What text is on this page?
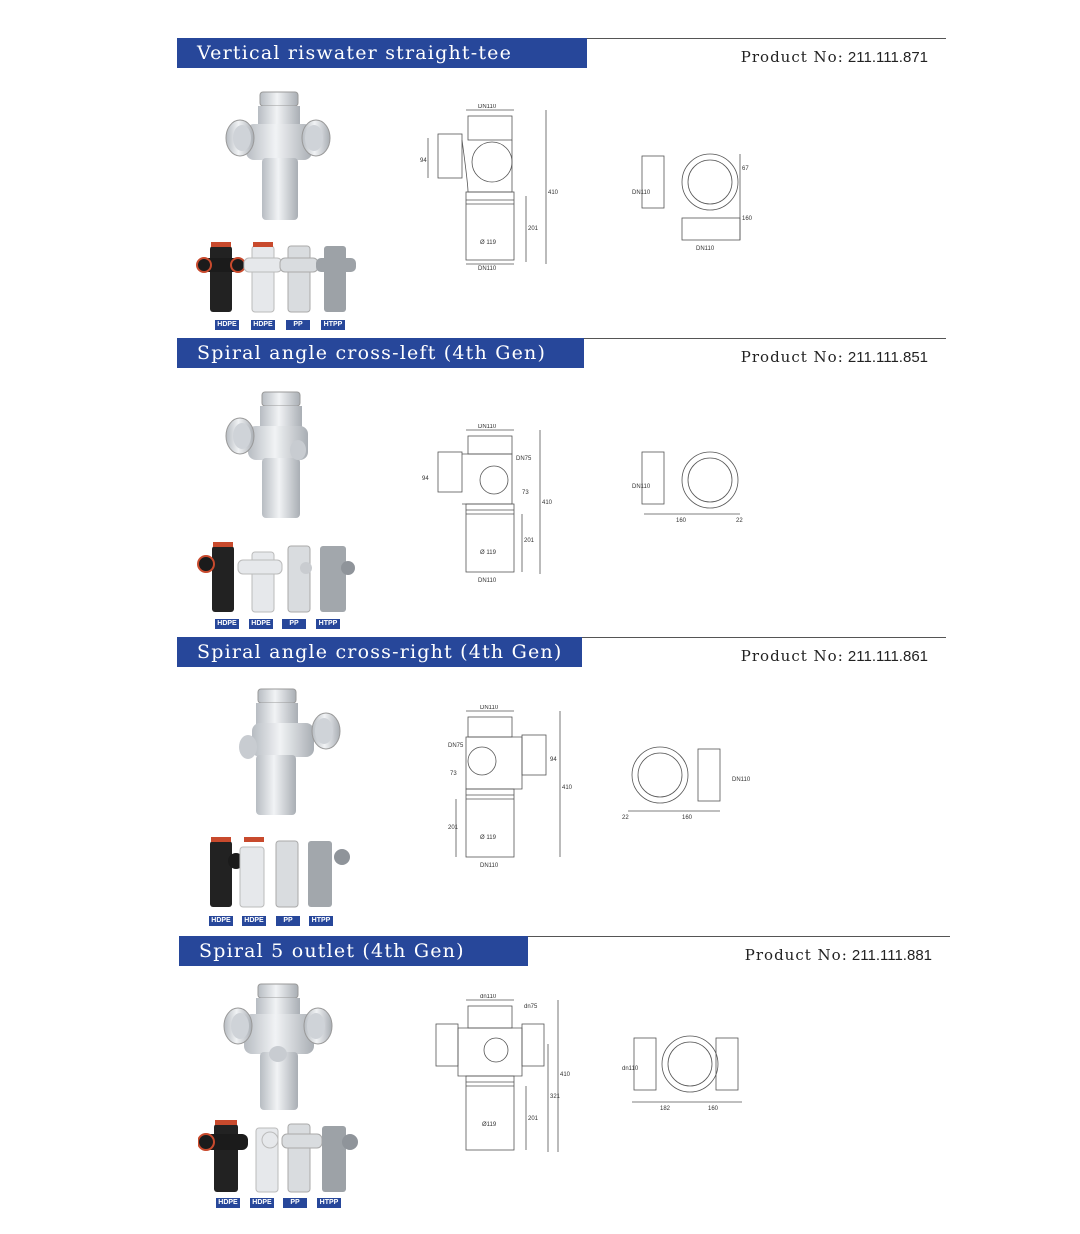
Vertical riswater straight-tee	Product No: 211.111.871
HDPE	HDPE	PP	HTPP
DN110
DN110
94
Ø 119
201
410	DN110
DN110
67
160
Spiral angle cross-left (4th Gen)	Product No: 211.111.851
HDPE	HDPE	PP	HTPP
DN110
DN75
94
73
410
Ø 119
201
DN110
DN110
160	22
Spiral angle cross-right (4th Gen)	Product No: 211.111.861
HDPE	HDPE	PP	HTPP
DN110
DN75
73
94
410
201
Ø 119
DN110
DN110
22	160
Spiral 5 outlet (4th Gen)	Product No: 211.111.881
HDPE	HDPE	PP	HTPP
dn110
dn75
410
321
201
Ø119
dn110
182	160
